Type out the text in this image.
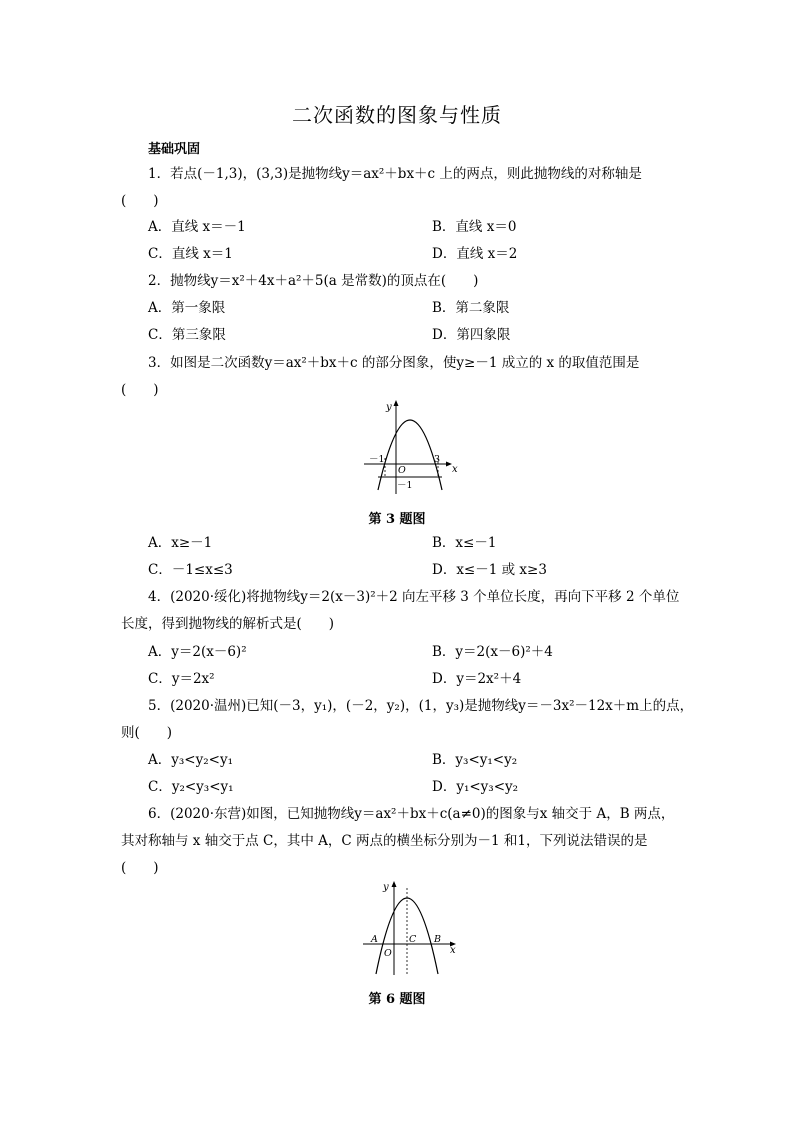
二次函数的图象与性质
基础巩固
1．若点(－1,3)，(3,3)是抛物线y＝ax²＋bx＋c 上的两点，则此抛物线的对称轴是
(　　)
A．直线 x＝－1	B．直线 x＝0
C．直线 x＝1	D．直线 x＝2
2．抛物线y＝x²＋4x＋a²＋5(a 是常数)的顶点在(　　)
A．第一象限	B．第二象限
C．第三象限	D．第四象限
3．如图是二次函数y＝ax²＋bx＋c 的部分图象，使y≥－1 成立的 x 的取值范围是
(　　)
y
x
－1	3
O
－1
第 3 题图
A．x≥－1	B．x≤－1
C．－1≤x≤3	D．x≤－1 或 x≥3
4．(2020·绥化)将抛物线y＝2(x－3)²＋2 向左平移 3 个单位长度，再向下平移 2 个单位
长度，得到抛物线的解析式是(　　)
A．y＝2(x－6)²	B．y＝2(x－6)²＋4
C．y＝2x²	D．y＝2x²＋4
5．(2020·温州)已知(－3，y₁)，(－2，y₂)，(1，y₃)是抛物线y＝－3x²－12x＋m上的点，
则(　　)
A．y₃<y₂<y₁	B．y₃<y₁<y₂
C．y₂<y₃<y₁	D．y₁<y₃<y₂
6．(2020·东营)如图，已知抛物线y＝ax²＋bx＋c(a≠0)的图象与x 轴交于 A，B 两点，
其对称轴与 x 轴交于点 C，其中 A，C 两点的横坐标分别为－1 和1，下列说法错误的是
(　　)
y
x
A	C B
O
第 6 题图
